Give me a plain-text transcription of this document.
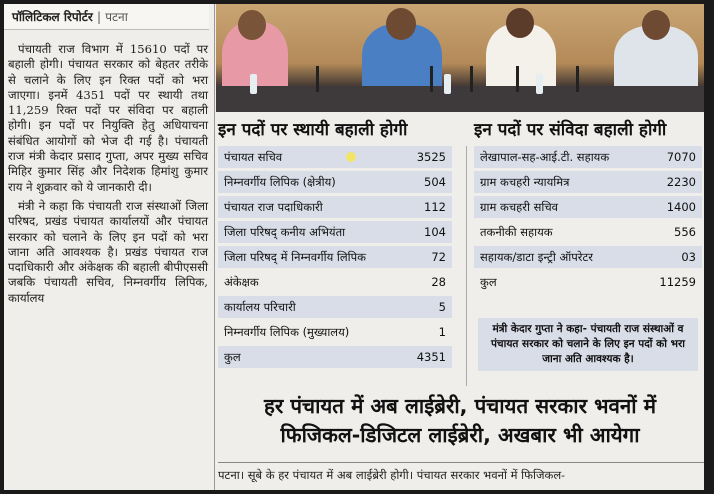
पॉलिटिकल रिपोर्टर | पटना

पंचायती राज विभाग में 15610 पदों पर बहाली होगी। पंचायत सरकार को बेहतर तरीके से चलाने के लिए इन रिक्त पदों को भरा जाएगा। इनमें 4351 पदों पर स्थायी तथा 11,259 रिक्त पदों पर संविदा पर बहाली होगी। इन पदों पर नियुक्ति हेतु अधियाचना संबंधित आयोगों को भेज दी गई है। पंचायती राज मंत्री केदार प्रसाद गुप्ता, अपर मुख्य सचिव मिहिर कुमार सिंह और निदेशक हिमांशु कुमार राय ने शुक्रवार को ये जानकारी दी।

मंत्री ने कहा कि पंचायती राज संस्थाओं जिला परिषद, प्रखंड पंचायत कार्यालयों और पंचायत सरकार को चलाने के लिए इन पदों को भरा जाना अति आवश्यक है। प्रखंड पंचायत राज पदाधिकारी और अंकेक्षक की बहाली बीपीएससी जबकि पंचायती सचिव, निम्नवर्गीय लिपिक, कार्यालय

इन पदों पर स्थायी बहाली होगी
पंचायत सचिव	3525
निम्नवर्गीय लिपिक (क्षेत्रीय)	504
पंचायत राज पदाधिकारी	112
जिला परिषद् कनीय अभियंता	104
जिला परिषद् में निम्नवर्गीय लिपिक	72
अंकेक्षक	28
कार्यालय परिचारी	5
निम्नवर्गीय लिपिक (मुख्यालय)	1
कुल	4351
इन पदों पर संविदा बहाली होगी
लेखापाल-सह-आई.टी. सहायक	7070
ग्राम कचहरी न्यायमित्र	2230
ग्राम कचहरी सचिव	1400
तकनीकी सहायक	556
सहायक/डाटा इन्ट्री ऑपरेटर	03
कुल	11259
मंत्री केदार गुप्ता ने कहा- पंचायती राज संस्थाओं व पंचायत सरकार को चलाने के लिए इन पदों को भरा जाना अति आवश्यक है।
हर पंचायत में अब लाईब्रेरी, पंचायत सरकार भवनों में
फिजिकल-डिजिटल लाईब्रेरी, अखबार भी आयेगा
पटना। सूबे के हर पंचायत में अब लाईब्रेरी होगी। पंचायत सरकार भवनों में फिजिकल-
